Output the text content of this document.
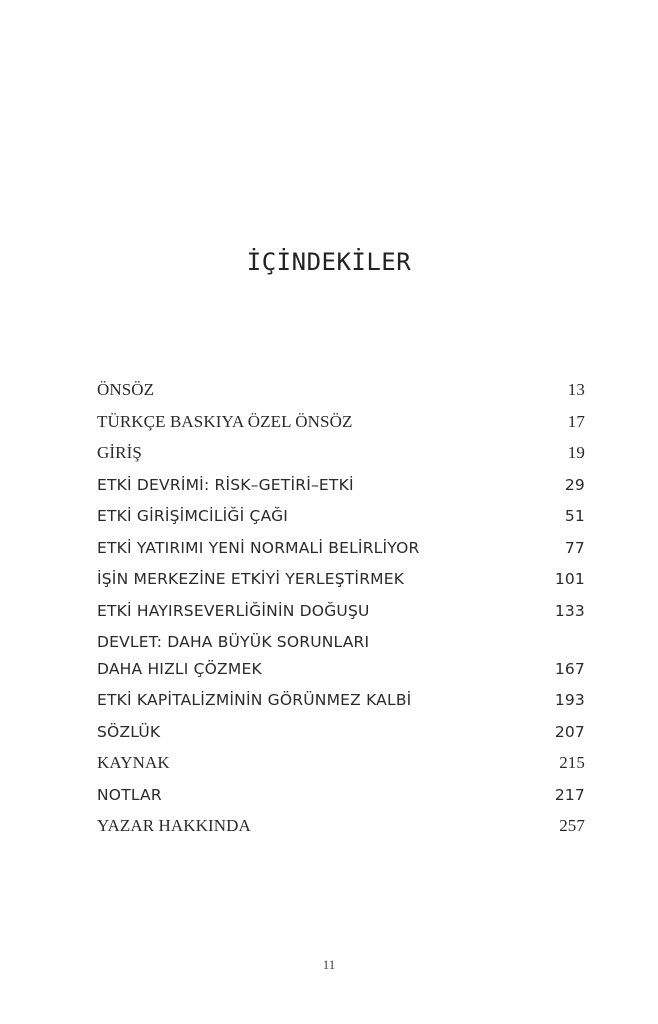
İÇİNDEKİLER
ÖNSÖZ	13
TÜRKÇE BASKIYA ÖZEL ÖNSÖZ	17
GİRİŞ	19
ETKİ DEVRİMİ: RİSK–GETİRİ–ETKİ	29
ETKİ GİRİŞİMCİLİĞİ ÇAĞI	51
ETKİ YATIRIMI YENİ NORMALİ BELİRLİYOR	77
İŞİN MERKEZİNE ETKİYİ YERLEŞTİRMEK	101
ETKİ HAYIRSEVERLİĞİNİN DOĞUŞU	133
DEVLET: DAHA BÜYÜK SORUNLARI
DAHA HIZLI ÇÖZMEK	167
ETKİ KAPİTALİZMİNİN GÖRÜNMEZ KALBİ	193
SÖZLÜK	207
KAYNAK	215
NOTLAR	217
YAZAR HAKKINDA	257
11
